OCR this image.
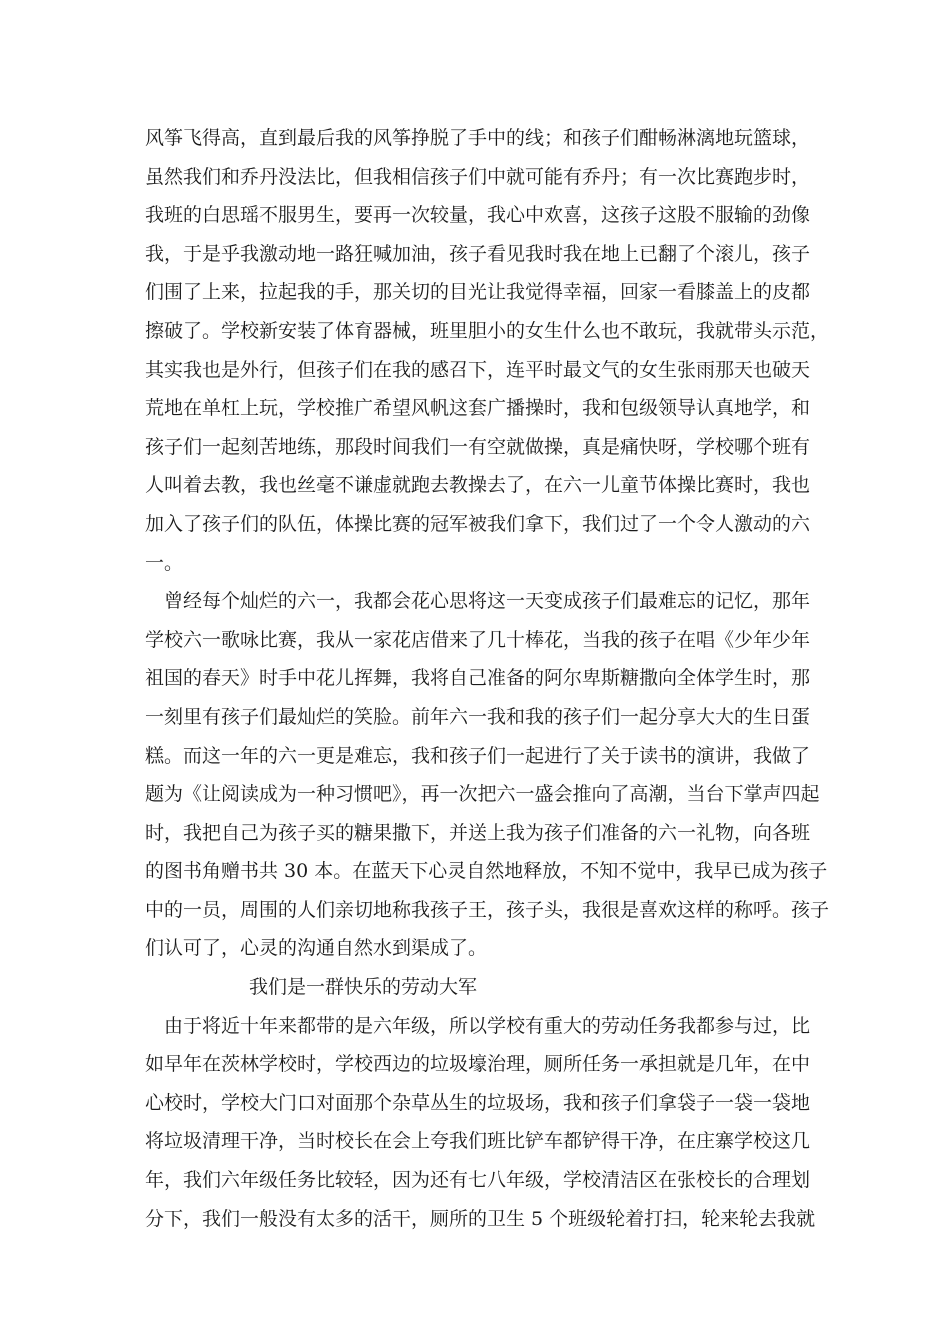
风筝飞得高，直到最后我的风筝挣脱了手中的线；和孩子们酣畅淋漓地玩篮球，
虽然我们和乔丹没法比，但我相信孩子们中就可能有乔丹；有一次比赛跑步时，
我班的白思瑶不服男生，要再一次较量，我心中欢喜，这孩子这股不服输的劲像
我，于是乎我激动地一路狂喊加油，孩子看见我时我在地上已翻了个滚儿，孩子
们围了上来，拉起我的手，那关切的目光让我觉得幸福，回家一看膝盖上的皮都
擦破了。学校新安装了体育器械，班里胆小的女生什么也不敢玩，我就带头示范，
其实我也是外行，但孩子们在我的感召下，连平时最文气的女生张雨那天也破天
荒地在单杠上玩，学校推广希望风帆这套广播操时，我和包级领导认真地学，和
孩子们一起刻苦地练，那段时间我们一有空就做操，真是痛快呀，学校哪个班有
人叫着去教，我也丝毫不谦虚就跑去教操去了，在六一儿童节体操比赛时，我也
加入了孩子们的队伍，体操比赛的冠军被我们拿下，我们过了一个令人激动的六
一。
曾经每个灿烂的六一，我都会花心思将这一天变成孩子们最难忘的记忆，那年
学校六一歌咏比赛，我从一家花店借来了几十棒花，当我的孩子在唱《少年少年
祖国的春天》时手中花儿挥舞，我将自己准备的阿尔卑斯糖撒向全体学生时，那
一刻里有孩子们最灿烂的笑脸。前年六一我和我的孩子们一起分享大大的生日蛋
糕。而这一年的六一更是难忘，我和孩子们一起进行了关于读书的演讲，我做了
题为《让阅读成为一种习惯吧》，再一次把六一盛会推向了高潮，当台下掌声四起
时，我把自己为孩子买的糖果撒下，并送上我为孩子们准备的六一礼物，向各班
的图书角赠书共 30 本。在蓝天下心灵自然地释放，不知不觉中，我早已成为孩子
中的一员，周围的人们亲切地称我孩子王，孩子头，我很是喜欢这样的称呼。孩子
们认可了，心灵的沟通自然水到渠成了。
我们是一群快乐的劳动大军
由于将近十年来都带的是六年级，所以学校有重大的劳动任务我都参与过，比
如早年在茨林学校时，学校西边的垃圾壕治理，厕所任务一承担就是几年，在中
心校时，学校大门口对面那个杂草丛生的垃圾场，我和孩子们拿袋子一袋一袋地
将垃圾清理干净，当时校长在会上夸我们班比铲车都铲得干净，在庄寨学校这几
年，我们六年级任务比较轻，因为还有七八年级，学校清洁区在张校长的合理划
分下，我们一般没有太多的活干，厕所的卫生 5 个班级轮着打扫，轮来轮去我就
